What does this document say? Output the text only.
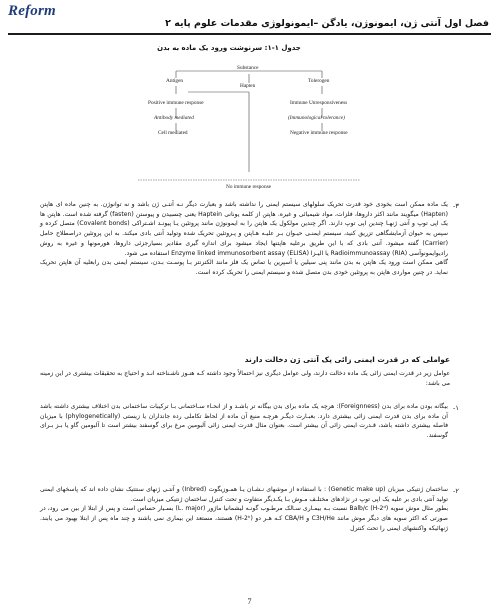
Reform
فصل اول آنتی ژن، ایمونوژن، یادگن –ایمونولوژی مقدمات علوم پایه ۲
جدول ۱-۱: سرنوشت ورود یک ماده به بدن
Substance
Antigen
Hapten
Tolerogen
Positive immune response
Antibody mediated
Cell mediated
Immune Unresponsiveness
(Immunological tolerance)
Negative immune response
No immune response
-۳

یک ماده ممکن است بخودی خود قدرت تحریک سلولهای سیستم ایمنی را نداشته باشد و بعبارت دیگر نـه آنتـی ژن باشد و نه توانوژن. به چنین ماده ای هاپتن (Hapten) میگویند مانند اکثر داروها، فلزات، مواد شیمیائی و غیره. هاپتن از کلمه یونانی Haptein یعنی چسبیدن و پیوستن (fasten) گرفته شده است. هاپتن ها یک اپی توپ و آنتی ژنهـا چندین اپی توپ دارند. اگر چندین مولکول یک هاپتن را به ایمونوژن مانند پروتئین یـا پیونـد اشـتراکی (Covalent bonds) متصل کرده و سپس به حیوان آزمایشگاهی تزریق کنید، سیستم ایمنـی حیـوان بـر علیـه هـاپتن و پـروتئین تحریک شده وتولید آنتی بادی میکند. به این پروتئین دراصطلاح حامل (Carrier) گفته میشود. آنتی بادی که با این طریق برعلیه هاپتنها ایجاد میشود برای اندازه گیری مقادیر بسیارجزئی داروها، هورمونها و غیره به روش رادیوایمونوآسی (RIA) Radioimmunoassay یا الیـزا (ELISA) Enzyme linked immunosorbent assay استفاده می شود.

گاهی ممکن است ورود یک هاپتن به بدن مانند پنی سیلین یا آسپرین یا تماس یک فلز مانند الکترنتر بـا پوسـت بـدن، سیستم ایمنی بدن رابعلیه آن هاپتن تحریک نماید. در چنین مواردی هاپتن به پروتئین خودی بدن متصل شده و سیستم ایمنی را تحریک کرده است.

عواملی که در قدرت ایمنی زائی یک آنتی ژن دخالت دارند

عوامل زیر در قدرت ایمنی زائی یک ماده دخالت دارند، ولی عوامل دیگری نیز احتمالاً وجود داشته کـه هنـوز ناشـناخته انـد و احتیاج به تحقیقات بیشتری در این زمینه می باشد:

-۱

بیگانه بودن ماده برای بدن (Foreignness): هرچه یک ماده برای بدن بیگانه تر باشـد و از انحـاء سـاختمانی بـا ترکیبات ساختمانی بدن اختلاف بیشتری داشته باشد آن ماده برای بدن قدرت ایمنی زائی بیشتری دارد. بعبـارت دیگـر هرچـه منبع آن ماده از لحاظ تکاملی رده جانداران یا زیستی (phylogenetically) با میزبان فاصله بیشتری داشته باشد، قـدرت ایمنی زائی آن بیشتر است. بعنوان مثال قدرت ایمنی زائی آلبومین مرغ برای گوسفند بیشتر است تا آلبومین گاو یا بـز بـرای گوسفند.

-۲

ساختمان ژنتیکی میزبان (Genetic make up) : با استفاده از موشهای نـشـان یـا همـوزیگوت (Inbred) و آنتـی ژنهای سنتتیک نشان داده اند که پاسخهای ایمنی تولید آنتی بادی بر علیه یک اپی توپ در نژادهای مختلـف مـوش بـا یکـدیگر متفاوت و تحت کنترل ساختمان ژنتیکی میزبان است.

بطور مثال موش سویه Balb/c (H-2ᵈ) نسبت بـه بیمـاری سـالک مرطـوب گونـه لیشمانیا ماژور (L. major) بسـیار حساس است و پس از ابتلا از بین می رود، در صورتی که اکثر سویه های دیگر موش مانند C3H/He و CBA/H کـه هـر دو (H-2ᵏ) هستند، مستعد این بیماری نمی باشند و چند ماه پس از ابتلا بهبود می یابند. ژنهائیکه واکنشهای ایمنی را تحت کنترل

7
